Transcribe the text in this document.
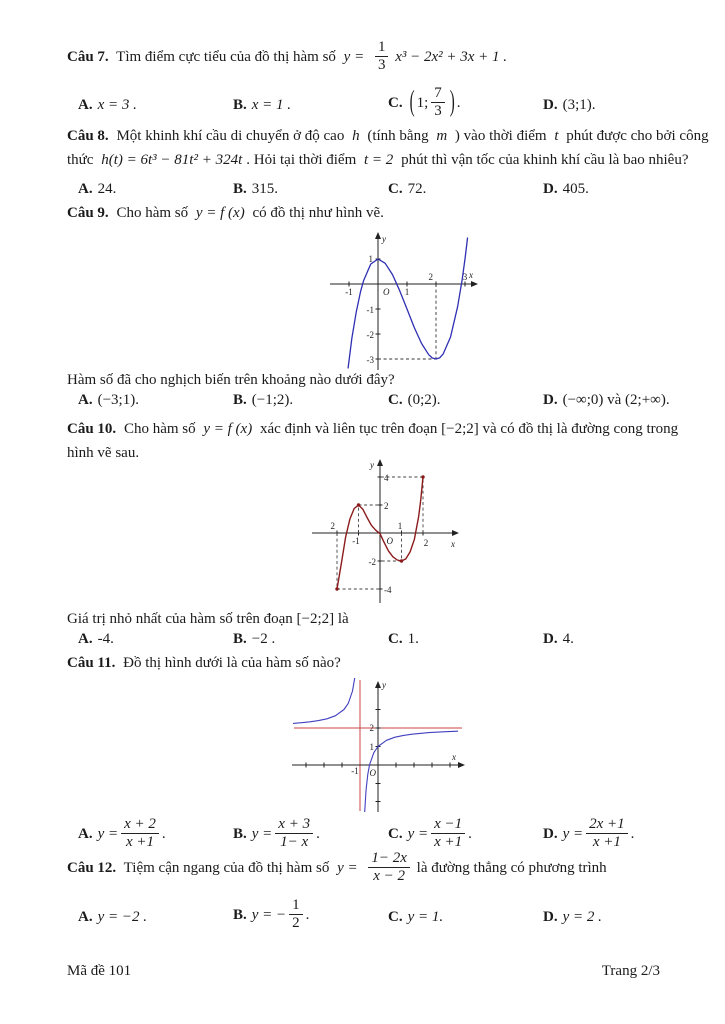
Câu 7. Tìm điểm cực tiểu của đồ thị hàm số $y = \frac{1}{3} x^3 - 2x^2 + 3x + 1$ .
A. x = 3 .	B. x = 1 .	C. ( 1; $\frac{7}{3}$ ) .	D. (3;1).
Câu 8. Một khinh khí cầu di chuyển ở độ cao h (tính bằng m ) vào thời điểm t phút được cho bởi công
thức h(t) = 6t³ − 81t² + 324t . Hỏi tại thời điểm t = 2 phút thì vận tốc của khinh khí cầu là bao nhiêu?
A. 24.	B. 315.	C. 72.	D. 405.
Câu 9. Cho hàm số y = f (x) có đồ thị như hình vẽ.
y
x
O
-1	1
2	3
1
-1
-2
-3
Hàm số đã cho nghịch biến trên khoảng nào dưới đây?
A. (−3;1).	B. (−1;2).	C. (0;2).	D. (−∞;0) và (2;+∞).
Câu 10. Cho hàm số y = f (x) xác định và liên tục trên đoạn [−2;2] và có đồ thị là đường cong trong
hình vẽ sau.
y
x
O
2
-1
1
2
4
2
-2
-4
Giá trị nhỏ nhất của hàm số trên đoạn [−2;2] là
A. -4.	B. −2 .	C. 1.	D. 4.
Câu 11. Đồ thị hình dưới là của hàm số nào?
y
x
O
2
1
-1
A. $y = \frac{x + 2}{x +1}$ .	B. $y = \frac{x + 3}{1- x}$ .	C. $y = \frac{x -1}{x +1}$ .	D. $y = \frac{2x +1}{x +1}$ .
Câu 12. Tiệm cận ngang của đồ thị hàm số $y = \frac{1- 2x}{x - 2}$ là đường thẳng có phương trình
A. y = −2 .	B. y = − $\frac{1}{2}$ .	C. y = 1.	D. y = 2 .
Mã đề 101	Trang 2/3
